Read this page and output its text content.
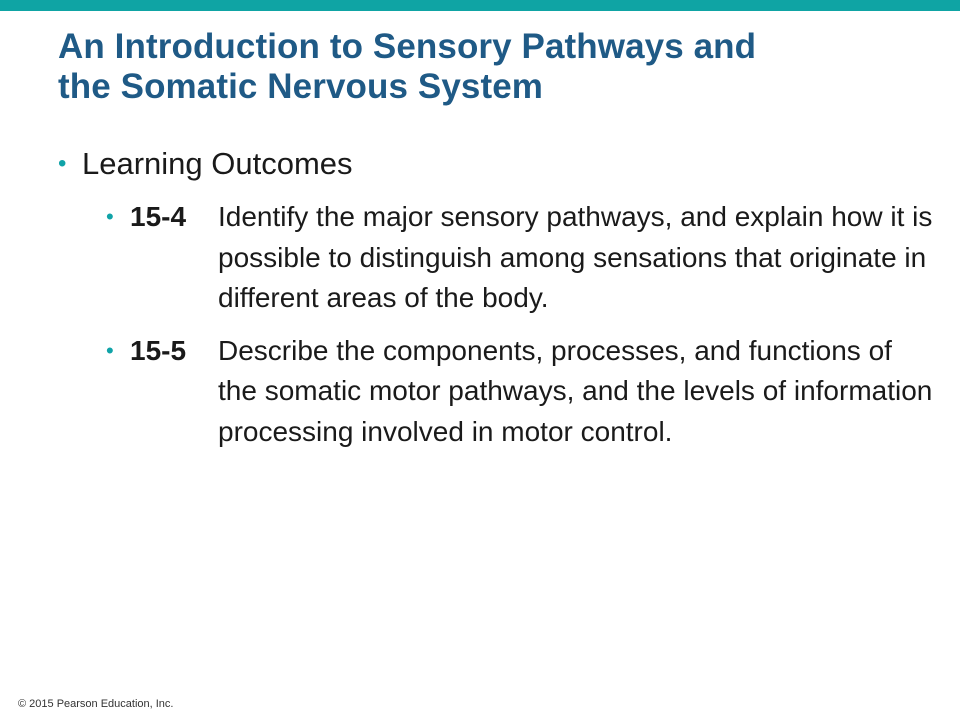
An Introduction to Sensory Pathways and
the Somatic Nervous System
• Learning Outcomes
• 15-4	Identify the major sensory pathways, and explain how it is possible to distinguish among sensations that originate in different areas of the body.
• 15-5	Describe the components, processes, and functions of the somatic motor pathways, and the levels of information processing involved in motor control.
© 2015 Pearson Education, Inc.
